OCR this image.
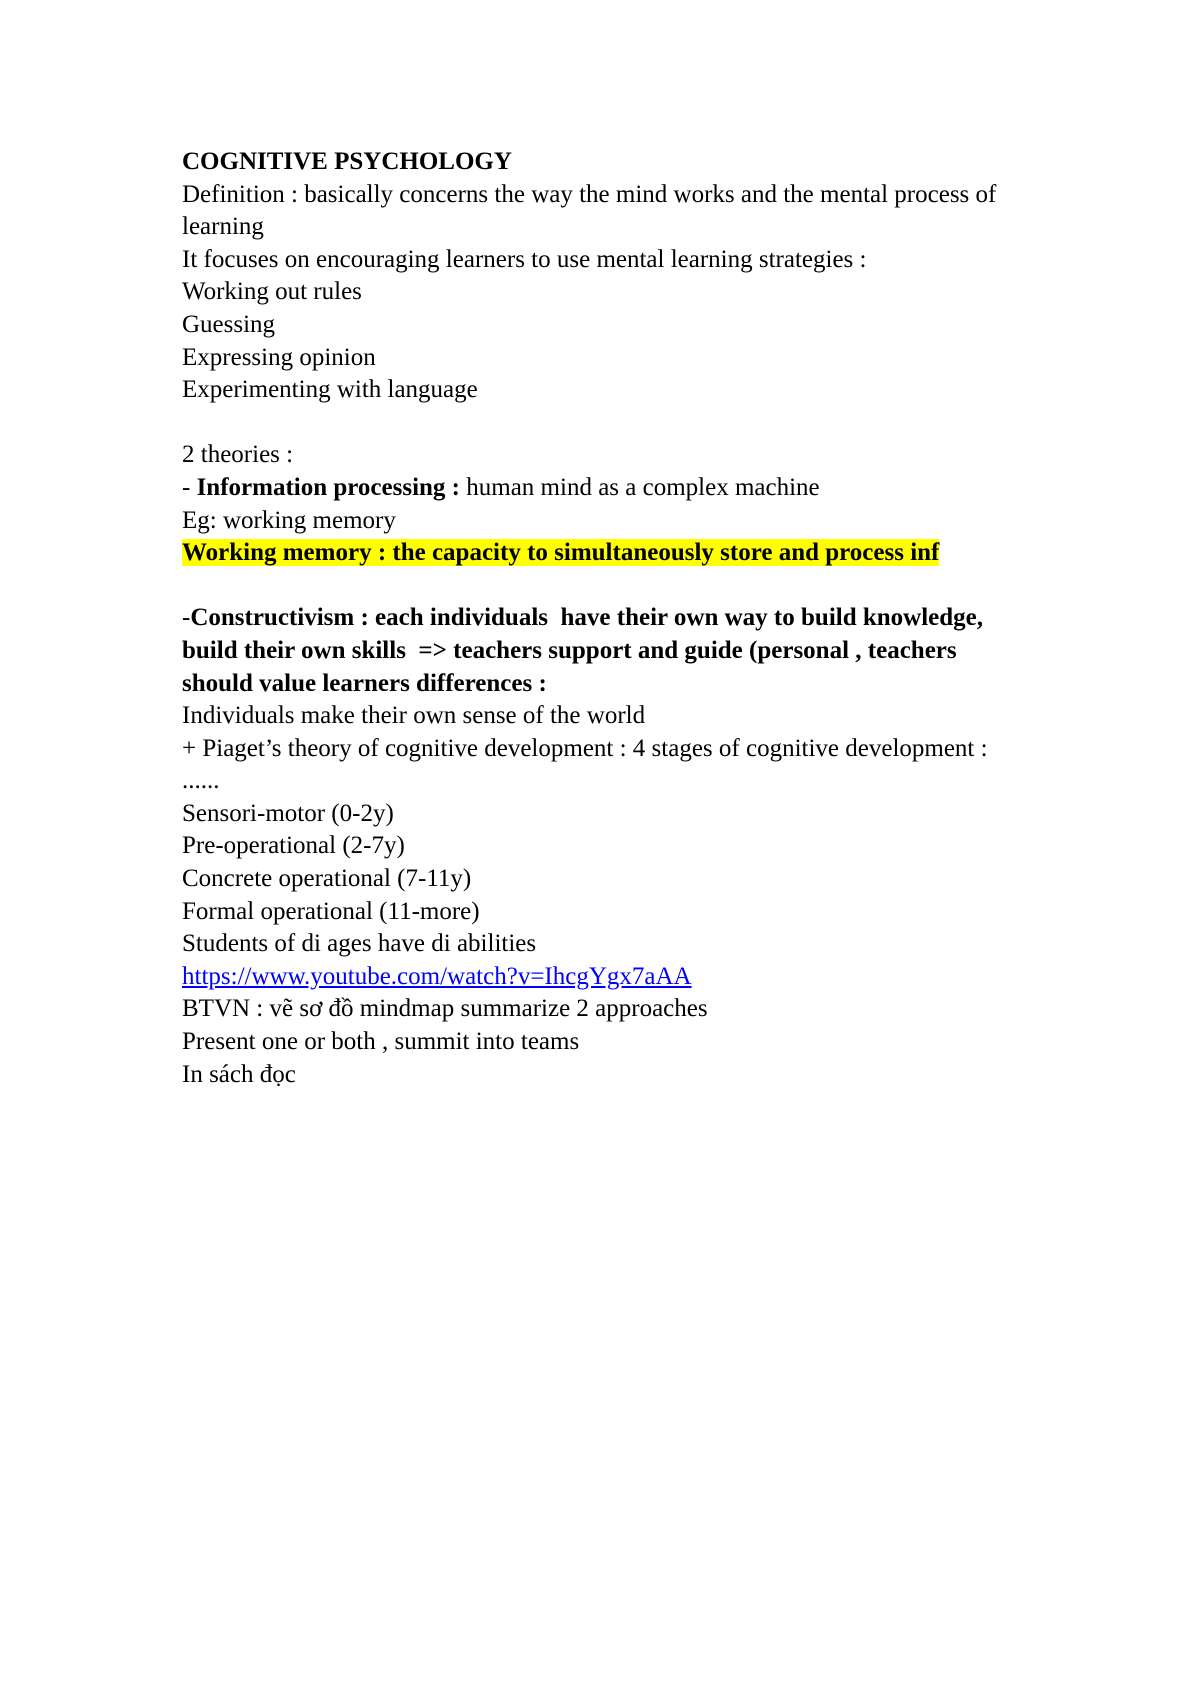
COGNITIVE PSYCHOLOGY
Definition : basically concerns the way the mind works and the mental process of learning
It focuses on encouraging learners to use mental learning strategies :
Working out rules
Guessing
Expressing opinion
Experimenting with language
2 theories :
- Information processing : human mind as a complex machine
Eg: working memory
Working memory : the capacity to simultaneously store and process inf
-Constructivism : each individuals  have their own way to build knowledge, build their own skills  => teachers support and guide (personal , teachers should value learners differences :
Individuals make their own sense of the world
+ Piaget’s theory of cognitive development : 4 stages of cognitive development : ......
Sensori-motor (0-2y)
Pre-operational (2-7y)
Concrete operational (7-11y)
Formal operational (11-more)
Students of di ages have di abilities
https://www.youtube.com/watch?v=IhcgYgx7aAA
BTVN : vẽ sơ đồ mindmap summarize 2 approaches
Present one or both , summit into teams
In sách đọc
